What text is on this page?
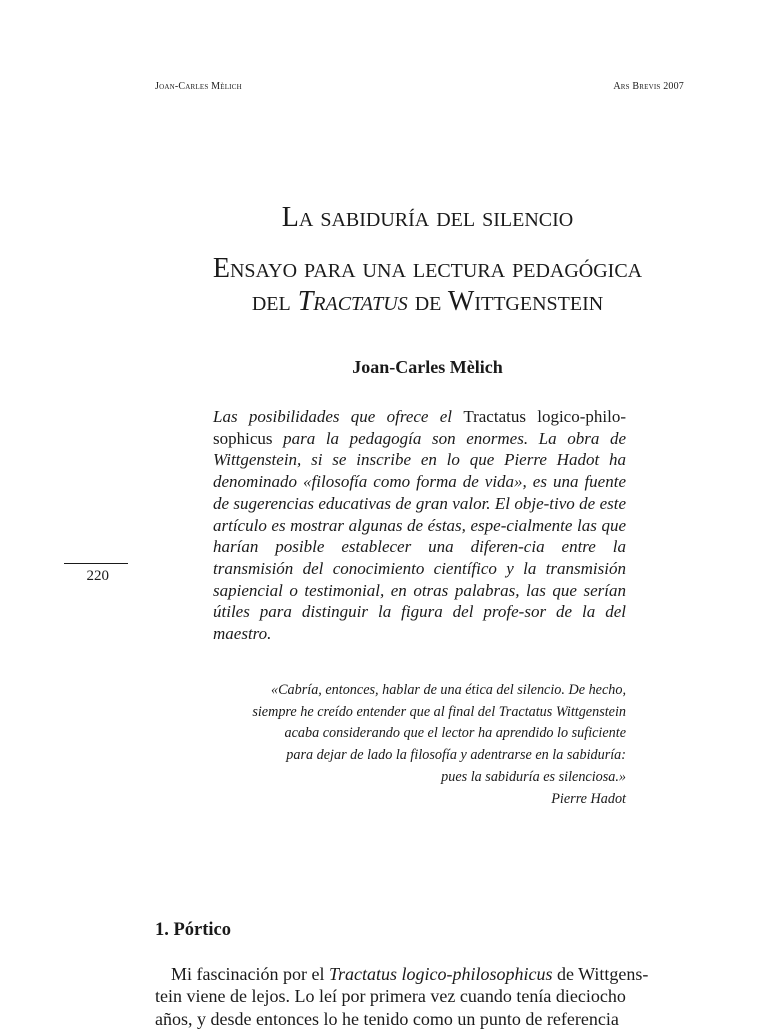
Joan-Carles Mèlich	Ars Brevis 2007
La sabiduría del silencio
Ensayo para una lectura pedagógica
del Tractatus de Wittgenstein
Joan-Carles Mèlich
Las posibilidades que ofrece el Tractatus logico-philo-sophicus para la pedagogía son enormes. La obra de Wittgenstein, si se inscribe en lo que Pierre Hadot ha denominado «filosofía como forma de vida», es una fuente de sugerencias educativas de gran valor. El obje-tivo de este artículo es mostrar algunas de éstas, espe-cialmente las que harían posible establecer una diferen-cia entre la transmisión del conocimiento científico y la transmisión sapiencial o testimonial, en otras palabras, las que serían útiles para distinguir la figura del profe-sor de la del maestro.
«Cabría, entonces, hablar de una ética del silencio. De hecho,
siempre he creído entender que al final del Tractatus Wittgenstein
acaba considerando que el lector ha aprendido lo suficiente
para dejar de lado la filosofía y adentrarse en la sabiduría:
pues la sabiduría es silenciosa.»
Pierre Hadot
220
1. Pórtico
Mi fascinación por el Tractatus logico-philosophicus de Wittgens-
tein viene de lejos. Lo leí por primera vez cuando tenía dieciocho
años, y desde entonces lo he tenido como un punto de referencia
